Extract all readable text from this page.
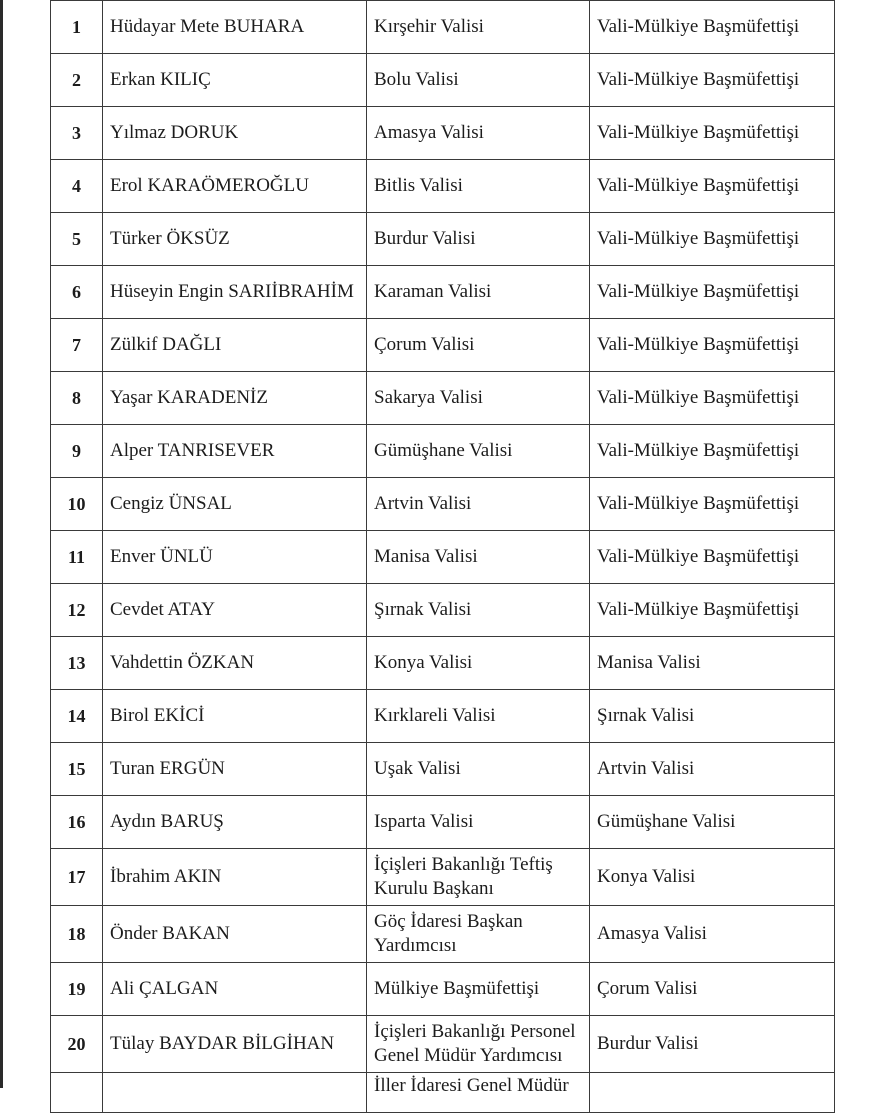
1	Hüdayar Mete BUHARA	Kırşehir Valisi	Vali-Mülkiye Başmüfettişi
2	Erkan KILIÇ	Bolu Valisi	Vali-Mülkiye Başmüfettişi
3	Yılmaz DORUK	Amasya Valisi	Vali-Mülkiye Başmüfettişi
4	Erol KARAÖMEROĞLU	Bitlis Valisi	Vali-Mülkiye Başmüfettişi
5	Türker ÖKSÜZ	Burdur Valisi	Vali-Mülkiye Başmüfettişi
6	Hüseyin Engin SARIİBRAHİM	Karaman Valisi	Vali-Mülkiye Başmüfettişi
7	Zülkif DAĞLI	Çorum Valisi	Vali-Mülkiye Başmüfettişi
8	Yaşar KARADENİZ	Sakarya Valisi	Vali-Mülkiye Başmüfettişi
9	Alper TANRISEVER	Gümüşhane Valisi	Vali-Mülkiye Başmüfettişi
10	Cengiz ÜNSAL	Artvin Valisi	Vali-Mülkiye Başmüfettişi
11	Enver ÜNLÜ	Manisa Valisi	Vali-Mülkiye Başmüfettişi
12	Cevdet ATAY	Şırnak Valisi	Vali-Mülkiye Başmüfettişi
13	Vahdettin ÖZKAN	Konya Valisi	Manisa Valisi
14	Birol EKİCİ	Kırklareli Valisi	Şırnak Valisi
15	Turan ERGÜN	Uşak Valisi	Artvin Valisi
16	Aydın BARUŞ	Isparta Valisi	Gümüşhane Valisi
17	İbrahim AKIN	İçişleri Bakanlığı Teftiş
Kurulu Başkanı	Konya Valisi
18	Önder BAKAN	Göç İdaresi Başkan
Yardımcısı	Amasya Valisi
19	Ali ÇALGAN	Mülkiye Başmüfettişi	Çorum Valisi
20	Tülay BAYDAR BİLGİHAN	İçişleri Bakanlığı Personel
Genel Müdür Yardımcısı	Burdur Valisi
		İller İdaresi Genel Müdür	
